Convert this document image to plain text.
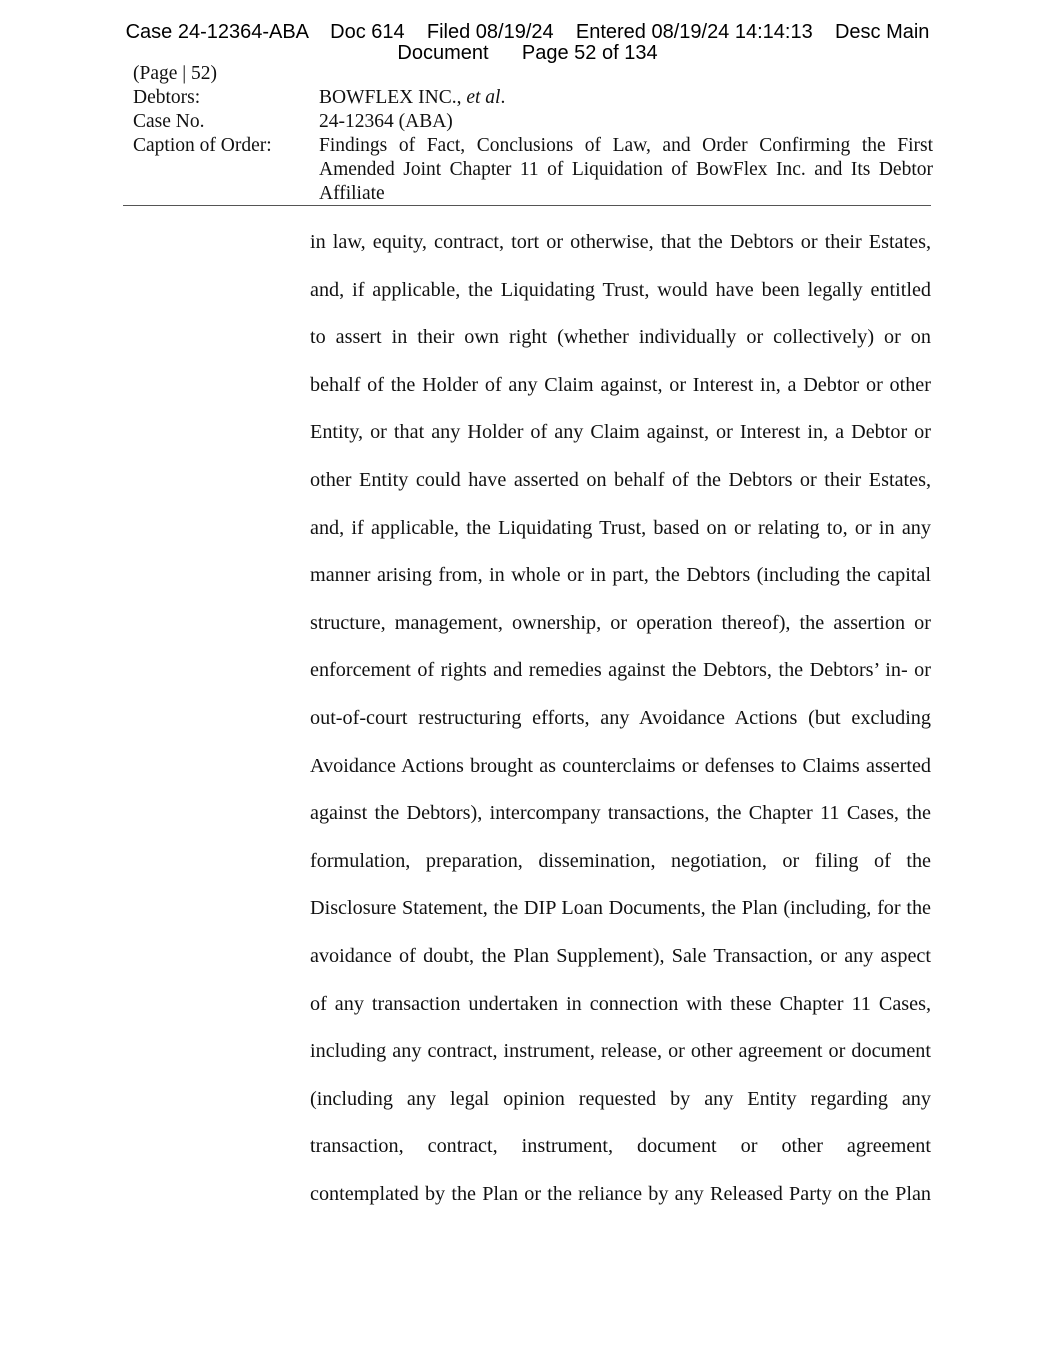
Case 24-12364-ABA    Doc 614    Filed 08/19/24    Entered 08/19/24 14:14:13    Desc Main
Document      Page 52 of 134
(Page | 52)
Debtors:	BOWFLEX INC., et al.
Case No.	24-12364 (ABA)
Caption of Order:	Findings of Fact, Conclusions of Law, and Order Confirming the First
Amended Joint Chapter 11 of Liquidation of BowFlex Inc. and Its Debtor
Affiliate
in law, equity, contract, tort or otherwise, that the Debtors or their Estates,
and, if applicable, the Liquidating Trust, would have been legally entitled
to assert in their own right (whether individually or collectively) or on
behalf of the Holder of any Claim against, or Interest in, a Debtor or other
Entity, or that any Holder of any Claim against, or Interest in, a Debtor or
other Entity could have asserted on behalf of the Debtors or their Estates,
and, if applicable, the Liquidating Trust, based on or relating to, or in any
manner arising from, in whole or in part, the Debtors (including the capital
structure, management, ownership, or operation thereof), the assertion or
enforcement of rights and remedies against the Debtors, the Debtors’ in- or
out-of-court restructuring efforts, any Avoidance Actions (but excluding
Avoidance Actions brought as counterclaims or defenses to Claims asserted
against the Debtors), intercompany transactions, the Chapter 11 Cases, the
formulation, preparation, dissemination, negotiation, or filing of the
Disclosure Statement, the DIP Loan Documents, the Plan (including, for the
avoidance of doubt, the Plan Supplement), Sale Transaction, or any aspect
of any transaction undertaken in connection with these Chapter 11 Cases,
including any contract, instrument, release, or other agreement or document
(including any legal opinion requested by any Entity regarding any
transaction, contract, instrument, document or other agreement
contemplated by the Plan or the reliance by any Released Party on the Plan
